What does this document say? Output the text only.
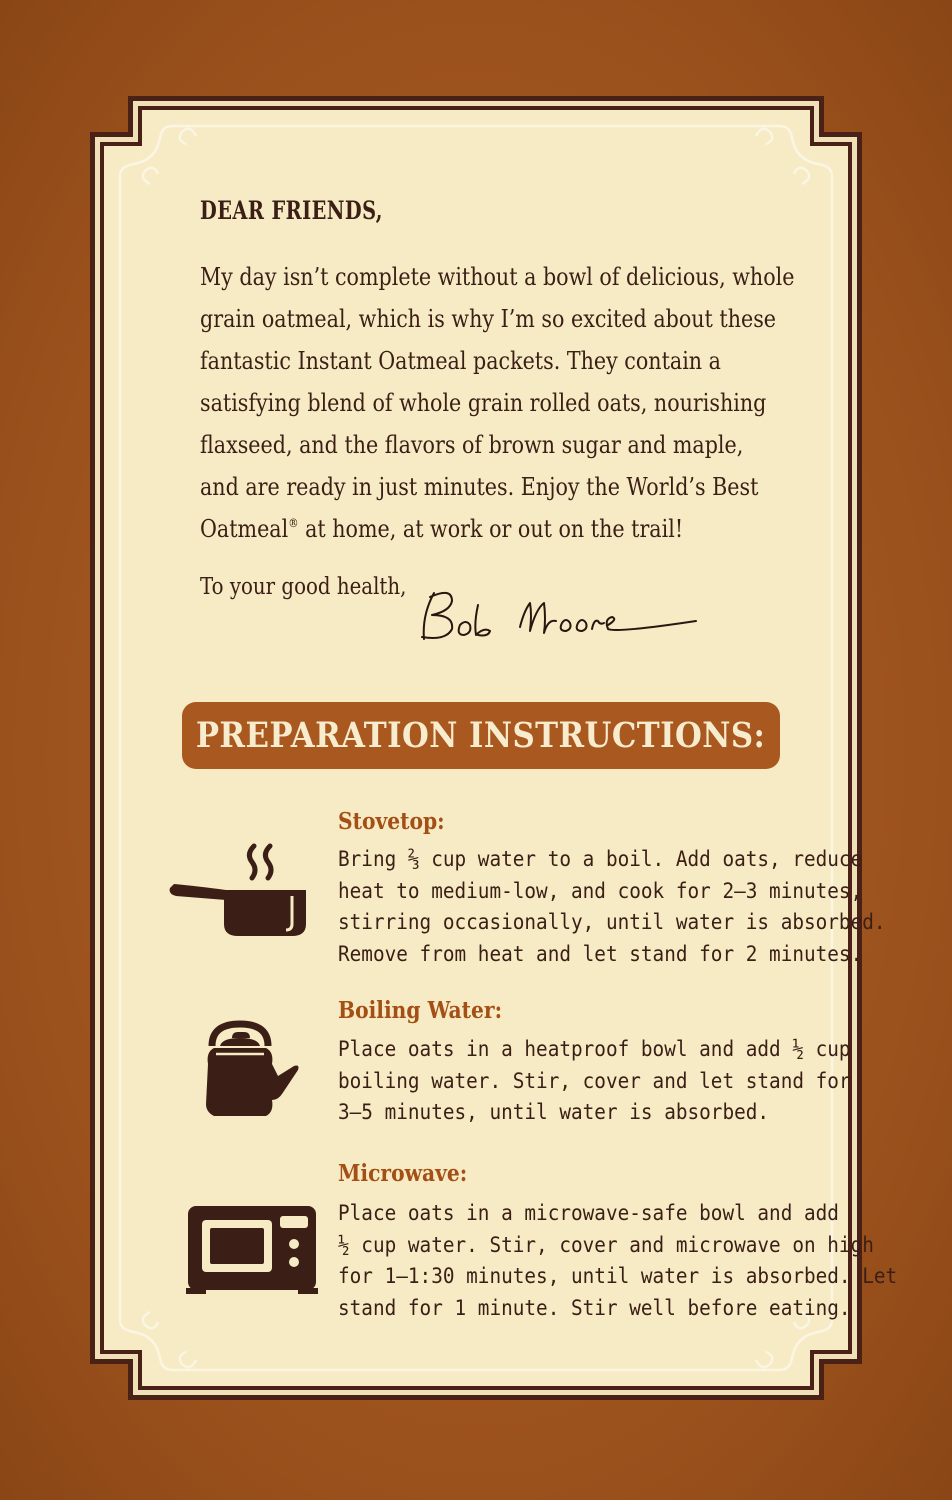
DEAR FRIENDS,
My day isn’t complete without a bowl of delicious, whole
grain oatmeal, which is why I’m so excited about these
fantastic Instant Oatmeal packets. They contain a
satisfying blend of whole grain rolled oats, nourishing
flaxseed, and the flavors of brown sugar and maple,
and are ready in just minutes. Enjoy the World’s Best
Oatmeal® at home, at work or out on the trail!
To your good health,
PREPARATION INSTRUCTIONS:
Stovetop:
Bring ⅔ cup water to a boil. Add oats, reduce
heat to medium-low, and cook for 2–3 minutes,
stirring occasionally, until water is absorbed.
Remove from heat and let stand for 2 minutes.
Boiling Water:
Place oats in a heatproof bowl and add ½ cup
boiling water. Stir, cover and let stand for
3–5 minutes, until water is absorbed.
Microwave:
Place oats in a microwave-safe bowl and add
½ cup water. Stir, cover and microwave on high
for 1–1:30 minutes, until water is absorbed. Let
stand for 1 minute. Stir well before eating.
